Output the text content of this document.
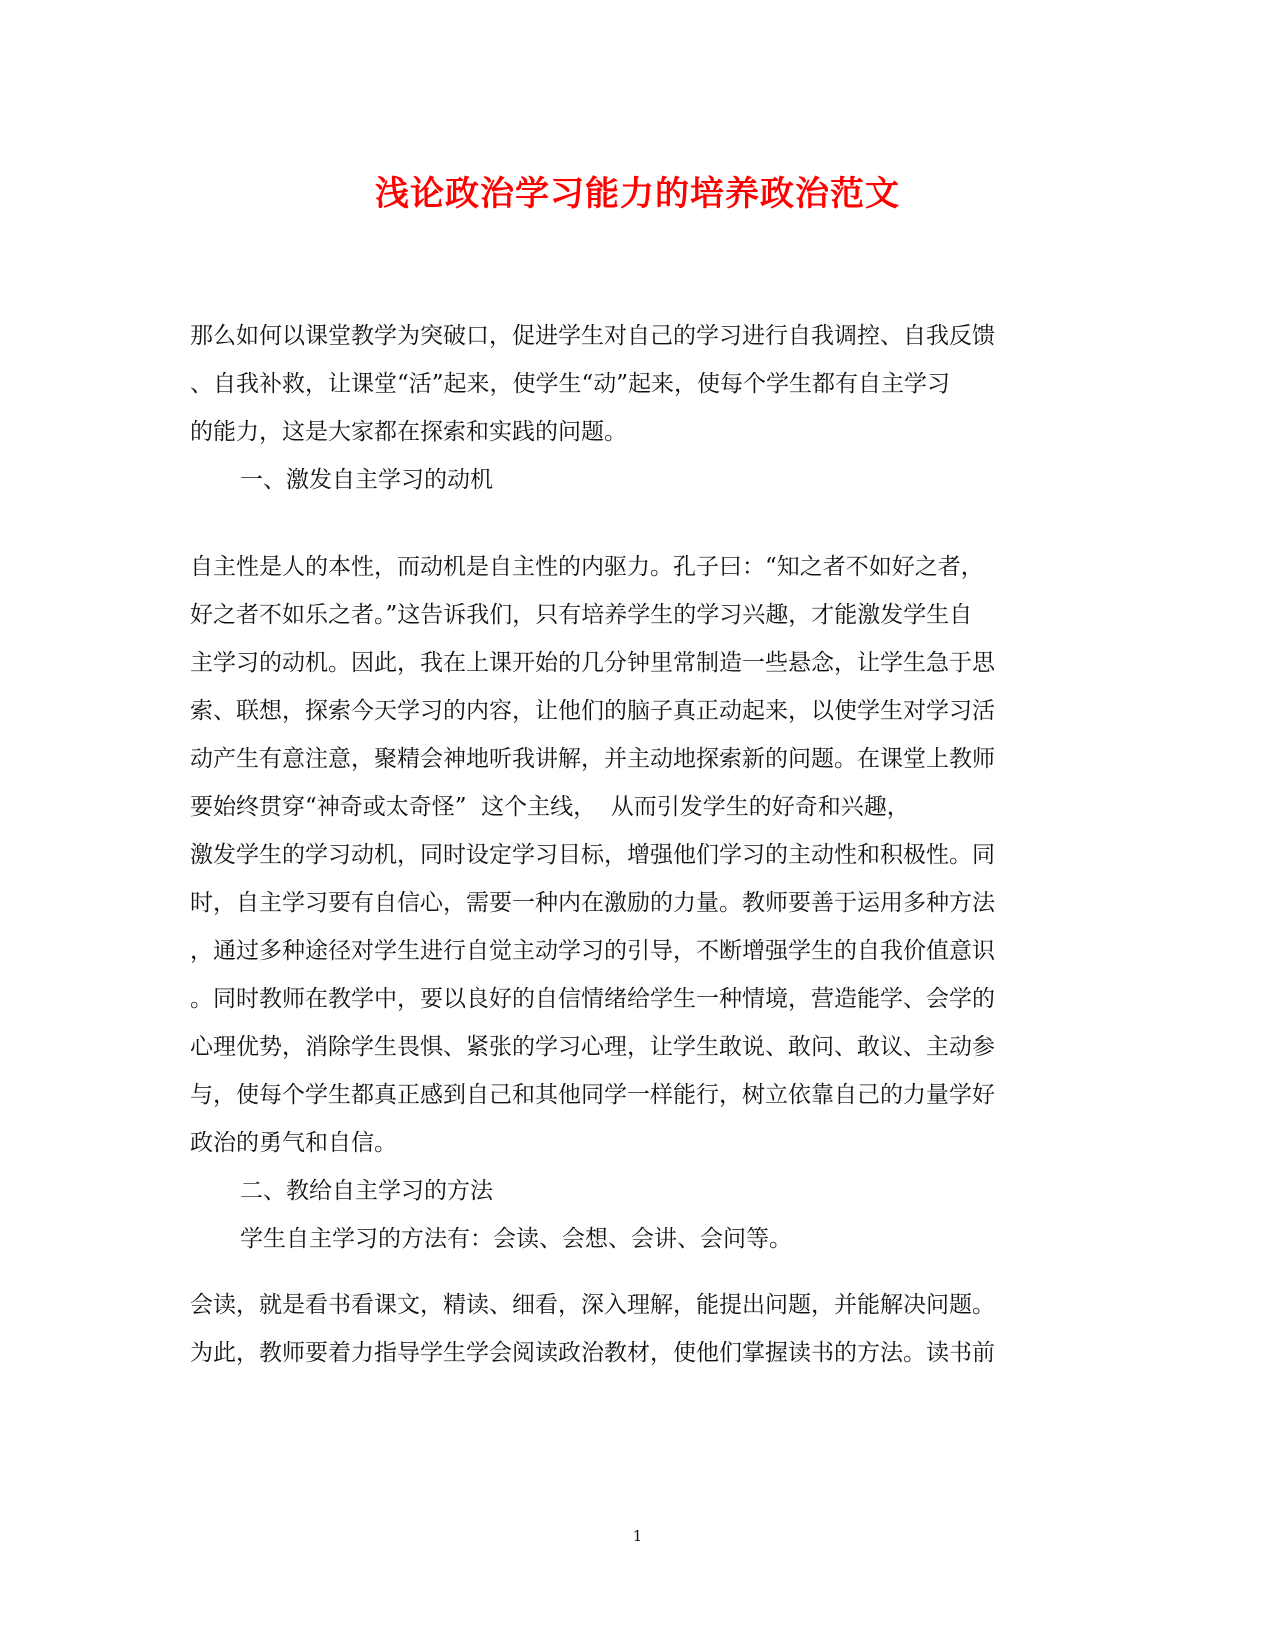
浅论政治学习能力的培养政治范文
那么如何以课堂教学为突破口，促进学生对自己的学习进行自我调控、自我反馈
、自我补救，让课堂“活”起来，使学生“动”起来，使每个学生都有自主学习
的能力，这是大家都在探索和实践的问题。
一、激发自主学习的动机
自主性是人的本性，而动机是自主性的内驱力。孔子曰：“知之者不如好之者，
好之者不如乐之者。”这告诉我们，只有培养学生的学习兴趣，才能激发学生自
主学习的动机。因此，我在上课开始的几分钟里常制造一些悬念，让学生急于思
索、联想，探索今天学习的内容，让他们的脑子真正动起来，以使学生对学习活
动产生有意注意，聚精会神地听我讲解，并主动地探索新的问题。在课堂上教师
要始终贯穿“神奇或太奇怪”  这个主线，  从而引发学生的好奇和兴趣，
激发学生的学习动机，同时设定学习目标，增强他们学习的主动性和积极性。同
时，自主学习要有自信心，需要一种内在激励的力量。教师要善于运用多种方法
，通过多种途径对学生进行自觉主动学习的引导，不断增强学生的自我价值意识
。同时教师在教学中，要以良好的自信情绪给学生一种情境，营造能学、会学的
心理优势，消除学生畏惧、紧张的学习心理，让学生敢说、敢问、敢议、主动参
与，使每个学生都真正感到自己和其他同学一样能行，树立依靠自己的力量学好
政治的勇气和自信。
二、教给自主学习的方法
学生自主学习的方法有：会读、会想、会讲、会问等。
会读，就是看书看课文，精读、细看，深入理解，能提出问题，并能解决问题。
为此，教师要着力指导学生学会阅读政治教材，使他们掌握读书的方法。读书前
1
